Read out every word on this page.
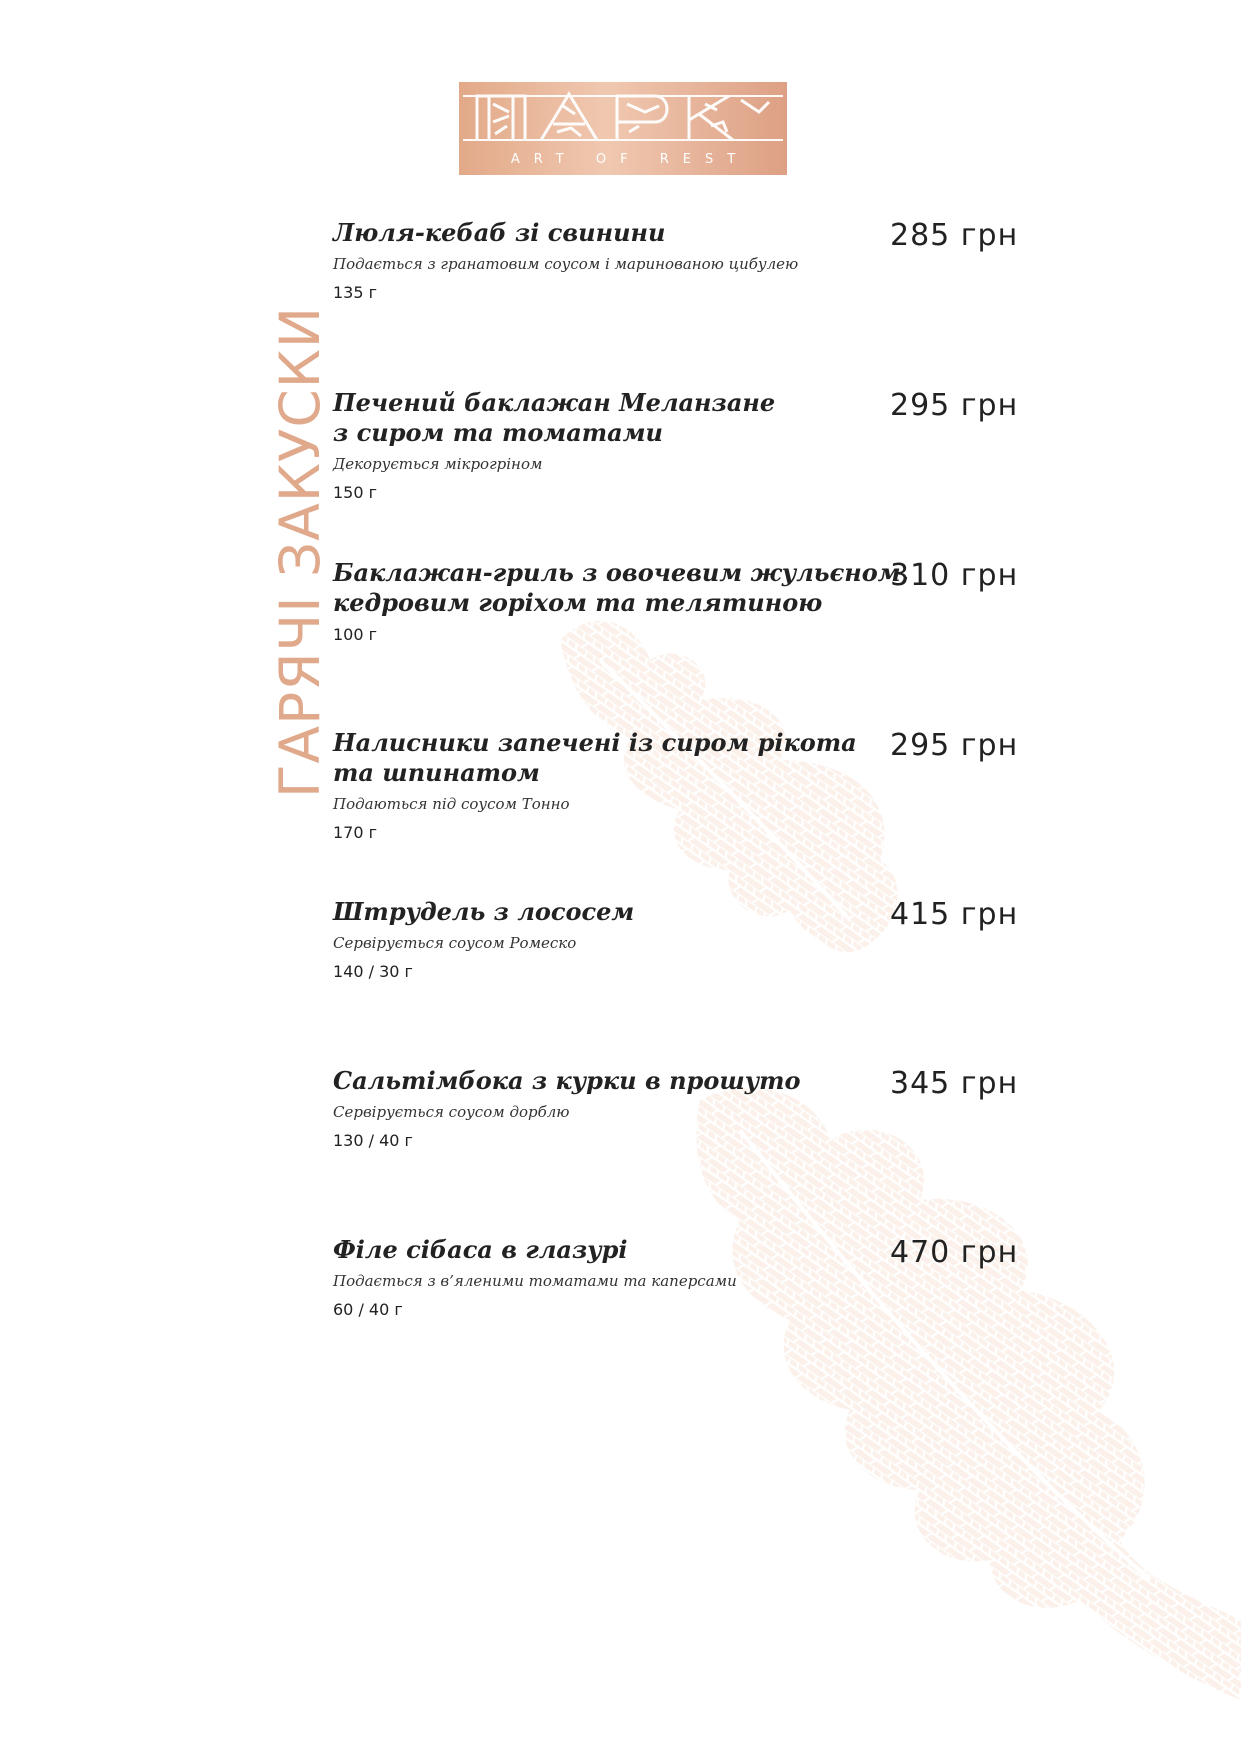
ART OF REST
ГАРЯЧІ ЗАКУСКИ
Люля-кебаб зі свинини
Подається з гранатовим соусом і маринованою цибулею
135 г
285 грн
Печений баклажан Меланзане
з сиром та томатами
Декорується мікрогріном
150 г
295 грн
Баклажан-гриль з овочевим жульєном,
кедровим горіхом та телятиною
100 г
310 грн
Налисники запечені із сиром рікота
та шпинатом
Подаються під соусом Тонно
170 г
295 грн
Штрудель з лососем
Сервірується соусом Ромеско
140 / 30 г
415 грн
Сальтімбока з курки в прошуто
Сервірується соусом дорблю
130 / 40 г
345 грн
Філе сібаса в глазурі
Подається з в’яленими томатами та каперсами
60 / 40 г
470 грн
